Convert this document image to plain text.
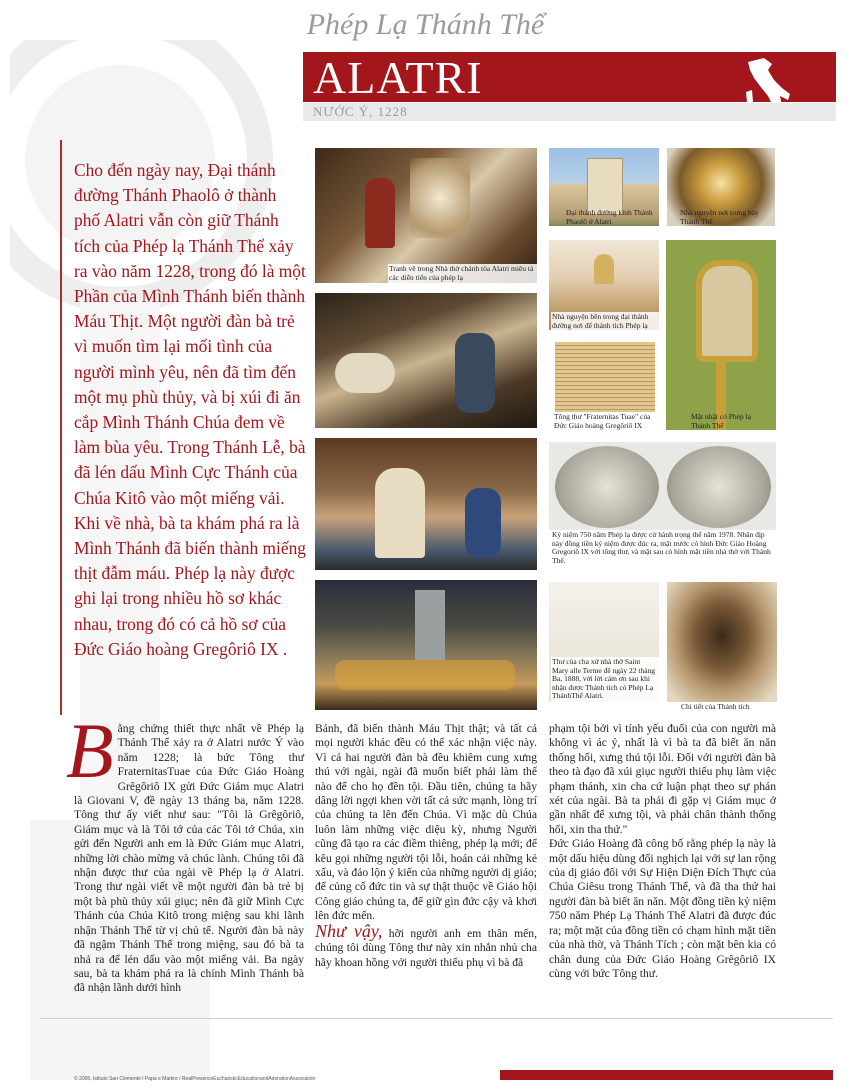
Phép Lạ Thánh Thể
ALATRI
NƯỚC Ý, 1228
Cho đến ngày nay, Đại thánh đường Thánh Phaolô ở thành phố Alatri vẫn còn giữ Thánh tích của Phép lạ Thánh Thể xảy ra vào năm 1228, trong đó là một Phần của Mình Thánh biến thành Máu Thịt. Một người đàn bà trẻ vì muốn tìm lại mối tình của người mình yêu, nên đã tìm đến một mụ phù thủy, và bị xúi đi ăn cắp Mình Thánh Chúa đem về làm bùa yêu. Trong Thánh Lễ, bà đã lén dấu Mình Cực Thánh của Chúa Kitô vào một miếng vải. Khi về nhà, bà ta khám phá ra là Mình Thánh đã biến thành miếng thịt đẫm máu. Phép lạ này được ghi lại trong nhiều hồ sơ khác nhau, trong đó có cả hồ sơ của Đức Giáo hoàng Gregôriô IX .
Tranh vẽ trong Nhà thờ chánh tòa Alatri miêu tả các diễn tiến của phép lạ
Đại thánh đường kính Thánh Phaolô ở Alatri
Nhà nguyện nơi trưng bày Thánh Thể
Nhà nguyện bên trong đại thánh đường nơi để thánh tích Phép lạ
Tông thư "Fraternitas Tuae" của Đức Giáo hoàng Gregôriô IX
Mặt nhật có Phép lạ Thánh Thể
Kỷ niệm 750 năm Phép lạ được cử hành trọng thể năm 1978. Nhân dịp này đồng tiền kỷ niệm được đúc ra, mặt trước có hình Đức Giáo Hoàng Gregoriô IX với tông thư, và mặt sau có hình mặt tiền nhà thờ với Thánh Thể.
Thư của cha xứ nhà thờ Saint Mary alle Terme đề ngày 22 tháng Ba, 1888, với lời cám ơn sau khi nhận được Thánh tích có Phép Lạ ThánhThể Alatri.
Chi tiết của Thánh tích
B ằng chứng thiết thực nhất về Phép lạ Thánh Thể xảy ra ở Alatri nước Ý vào năm 1228; là bức Tông thư FraternitasTuae của Đức Giáo Hoàng Grêgôriô IX gửi Đức Giám mục Alatri là Giovani V, đề ngày 13 tháng ba, năm 1228. Tông thư ấy viết như sau: "Tôi là Grêgôriô, Giám mục và là Tôi tớ của các Tôi tớ Chúa, xin gửi đến Người anh em là Đức Giám mục Alatri, những lời chào mừng và chúc lành. Chúng tôi đã nhận được thư của ngài về Phép lạ ở Alatri. Trong thư ngài viết về một người đàn bà trẻ bị một bà phù thủy xúi giục; nên đã giữ Mình Cực Thánh của Chúa Kitô trong miệng sau khi lãnh nhận Thánh Thể từ vị chủ tế. Người đàn bà này đã ngậm Thánh Thể trong miệng, sau đó bà ta nhả ra để lén dấu vào một miếng vải. Ba ngày sau, bà ta khám phá ra là chính Mình Thánh bà đã nhận lãnh dưới hình
Bánh, đã biến thành Máu Thịt thật; và tất cả mọi người khác đều có thể xác nhận việc này. Vì cả hai người đàn bà đều khiêm cung xưng thú với ngài, ngài đã muốn biết phải làm thế nào để cho họ đền tội. Đầu tiên, chúng ta hãy dâng lời ngợi khen vời tất cả sức mạnh, lòng trí của chúng ta lên đến Chúa. Vì mặc dù Chúa luôn làm những việc diệu kỳ, nhưng Người cũng đã tạo ra các điềm thiêng, phép lạ mới; để kêu gọi những người tội lỗi, hoán cải những kẻ xấu, và đảo lộn ý kiến của những người dị giáo; để củng cố đức tin và sự thật thuộc về Giáo hội Công giáo chúng ta, để giữ gìn đức cậy và khơi lên đức mến.
Như vậy, hỡi người anh em thân mến, chúng tôi dùng Tông thư này xin nhắn nhủ cha hãy khoan hồng với người thiếu phụ vì bà đã
phạm tội bởi vì tính yếu đuối của con người mà không vì ác ý, nhất là vì bà ta đã biết ăn năn thống hối, xưng thú tội lỗi. Đối với người đàn bà theo tà đạo đã xúi giục người thiếu phụ làm việc phạm thánh, xin cha cứ luận phạt theo sự phán xét của ngài. Bà ta phải đi gặp vị Giám mục ở gần nhất để xưng tội, và phải chân thành thống hối, xin tha thứ."
Đức Giáo Hoàng đã công bố rằng phép lạ này là một dấu hiệu dùng đối nghịch lại với sự lan rộng của dị giáo đối với Sự Hiện Diện Đích Thực của Chúa Giêsu trong Thánh Thể, và đã tha thứ hai người đàn bà biết ăn năn. Một đồng tiền kỷ niệm 750 năm Phép Lạ Thánh Thể Alatri đã được đúc ra; một mặt của đồng tiền có chạm hình mặt tiền của nhà thờ, và Thánh Tích ; còn mặt bên kia có chân dung của Đức Giáo Hoàng Grêgôriô IX cùng với bức Tông thư.
© 2006, Istituto San Clemente I Papa e Martire / RealPresenceEucharisticEducationandAdorationAssociation
